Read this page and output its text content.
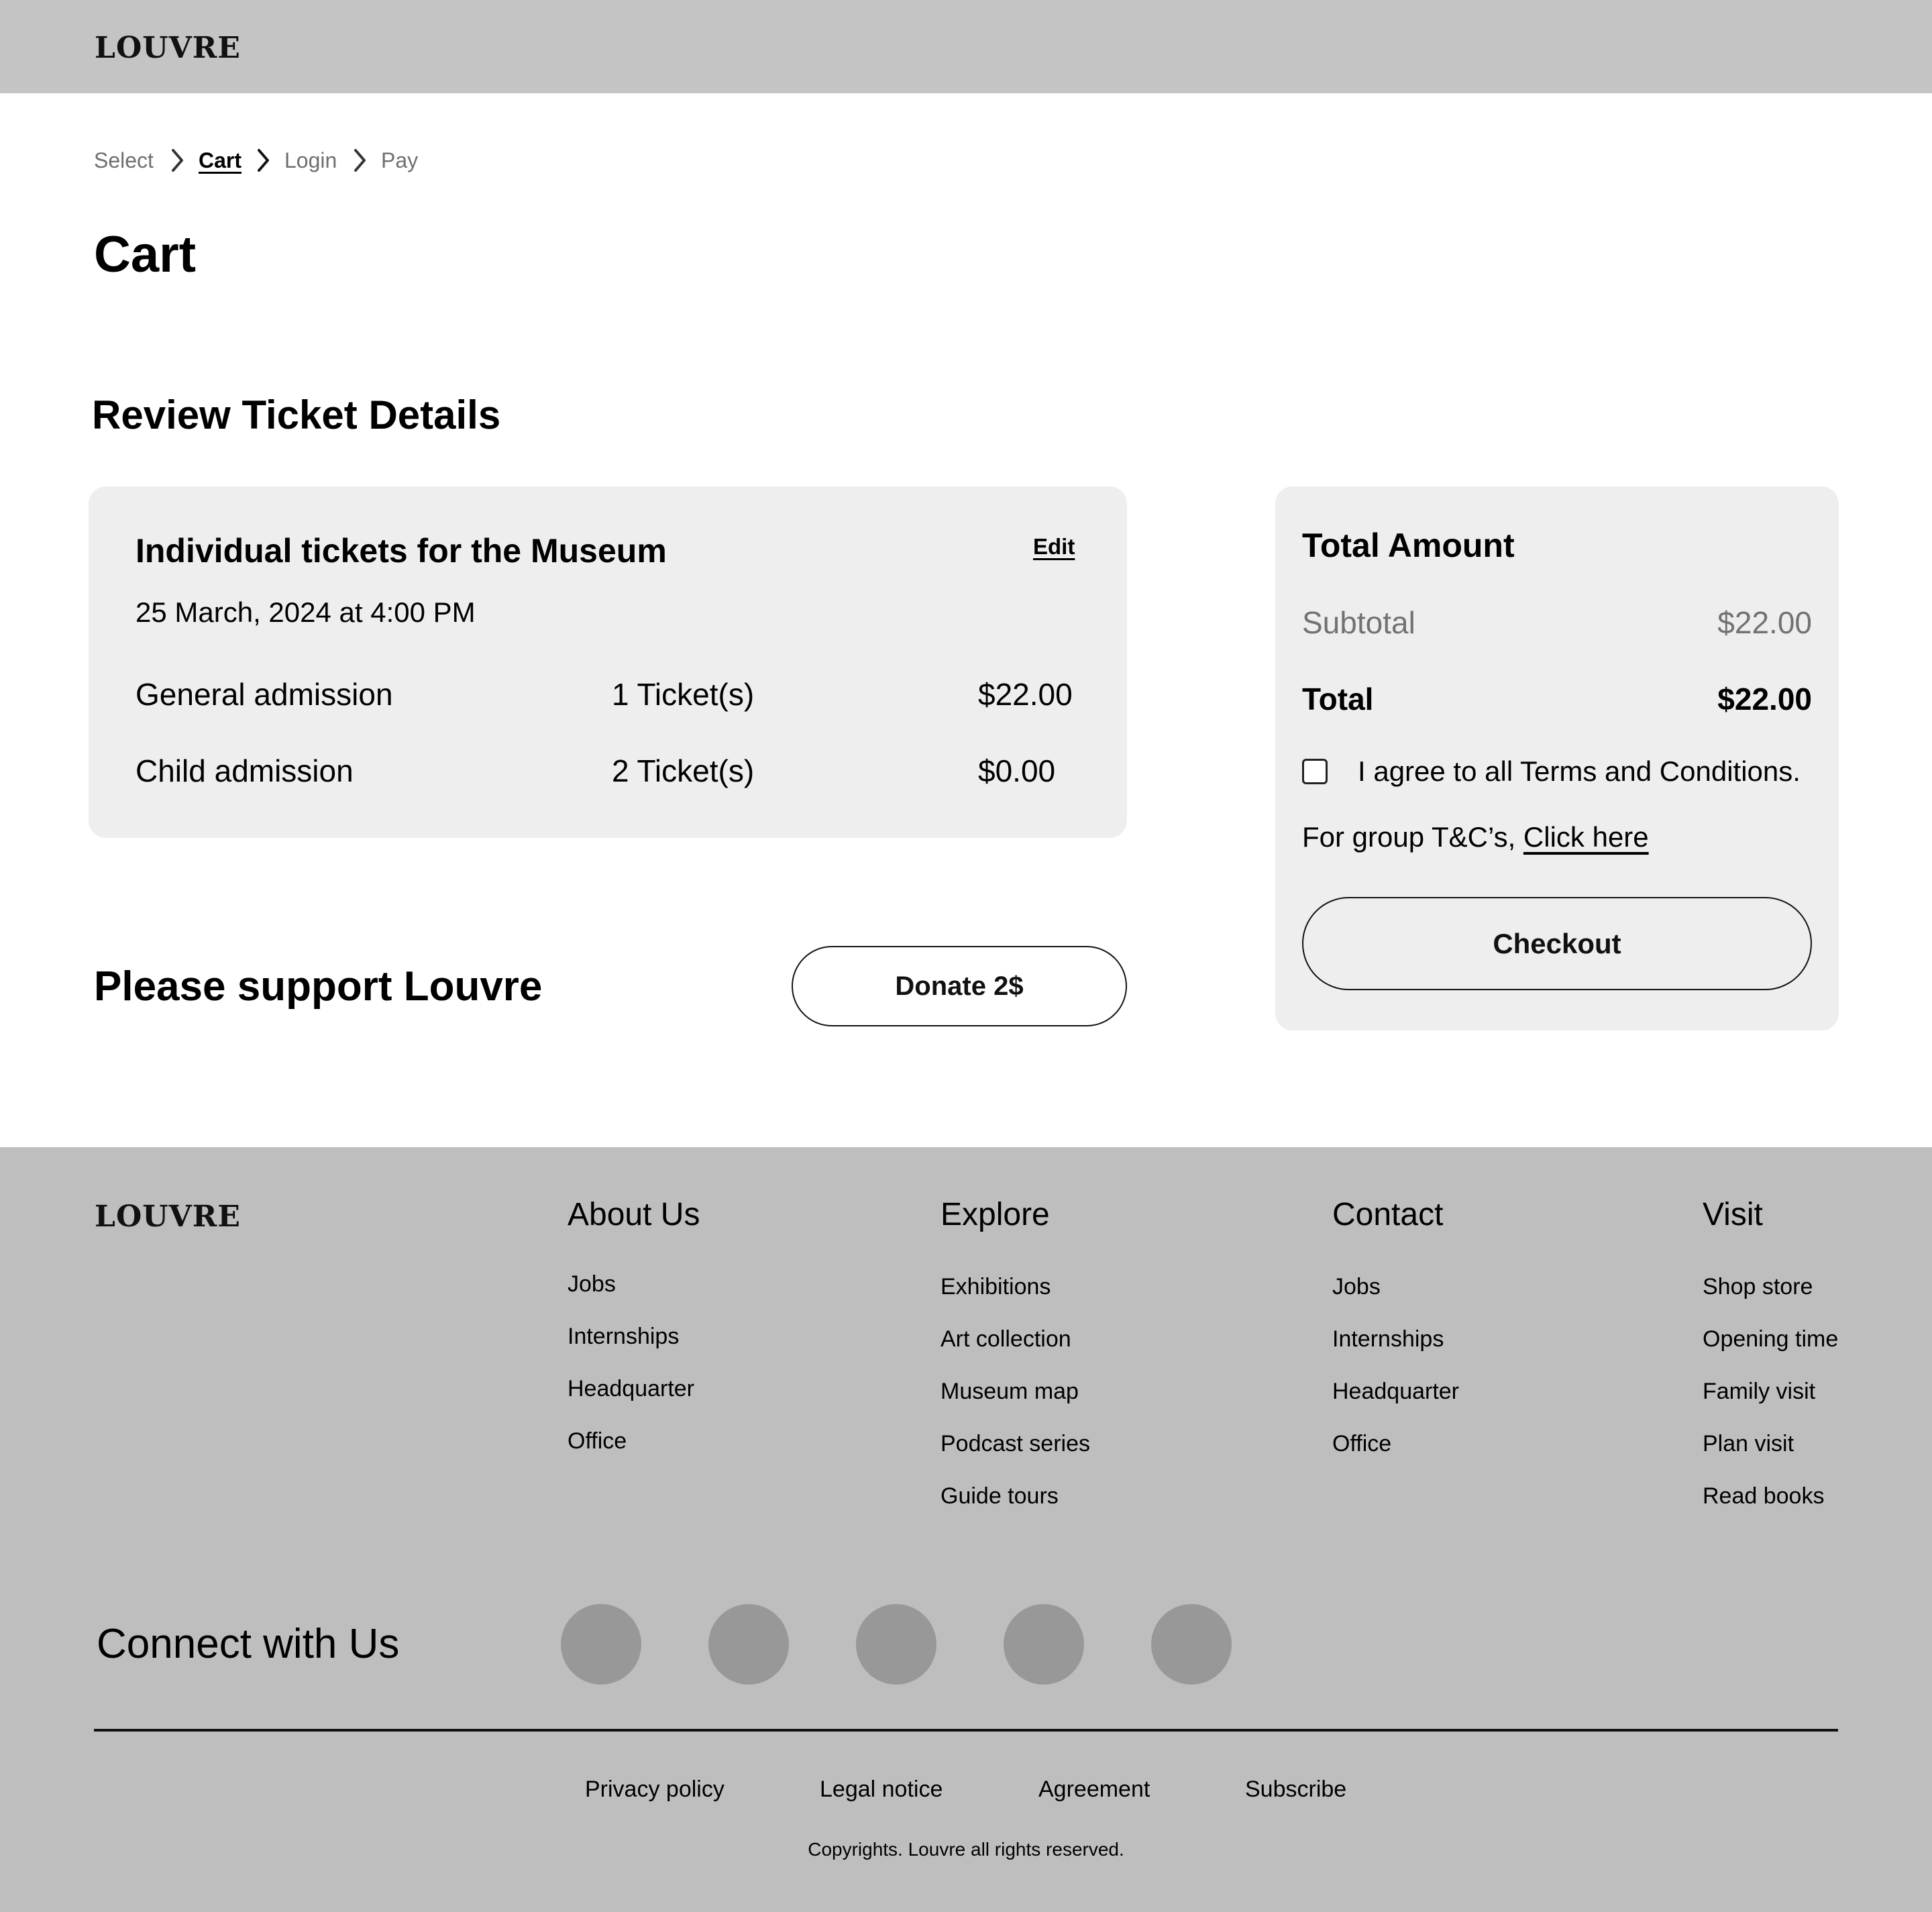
LOUVRE
Select Cart Login Pay
Cart
Review Ticket Details
Individual tickets for the Museum	Edit
25 March, 2024 at 4:00 PM
General admission	1 Ticket(s)	$22.00
Child admission	2 Ticket(s)	$0.00
Total Amount
Subtotal	$22.00
Total	$22.00
I agree to all Terms and Conditions.
For group T&C’s, Click here
Checkout
Please support Louvre	Donate 2$
LOUVRE	About Us
Jobs
Internships
Headquarter
Office
Explore
Exhibitions
Art collection
Museum map
Podcast series
Guide tours
Contact
Jobs
Internships
Headquarter
Office
Visit
Shop store
Opening time
Family visit
Plan visit
Read books
Connect with Us
Privacy policy	Legal notice	Agreement	Subscribe
Copyrights. Louvre all rights reserved.
